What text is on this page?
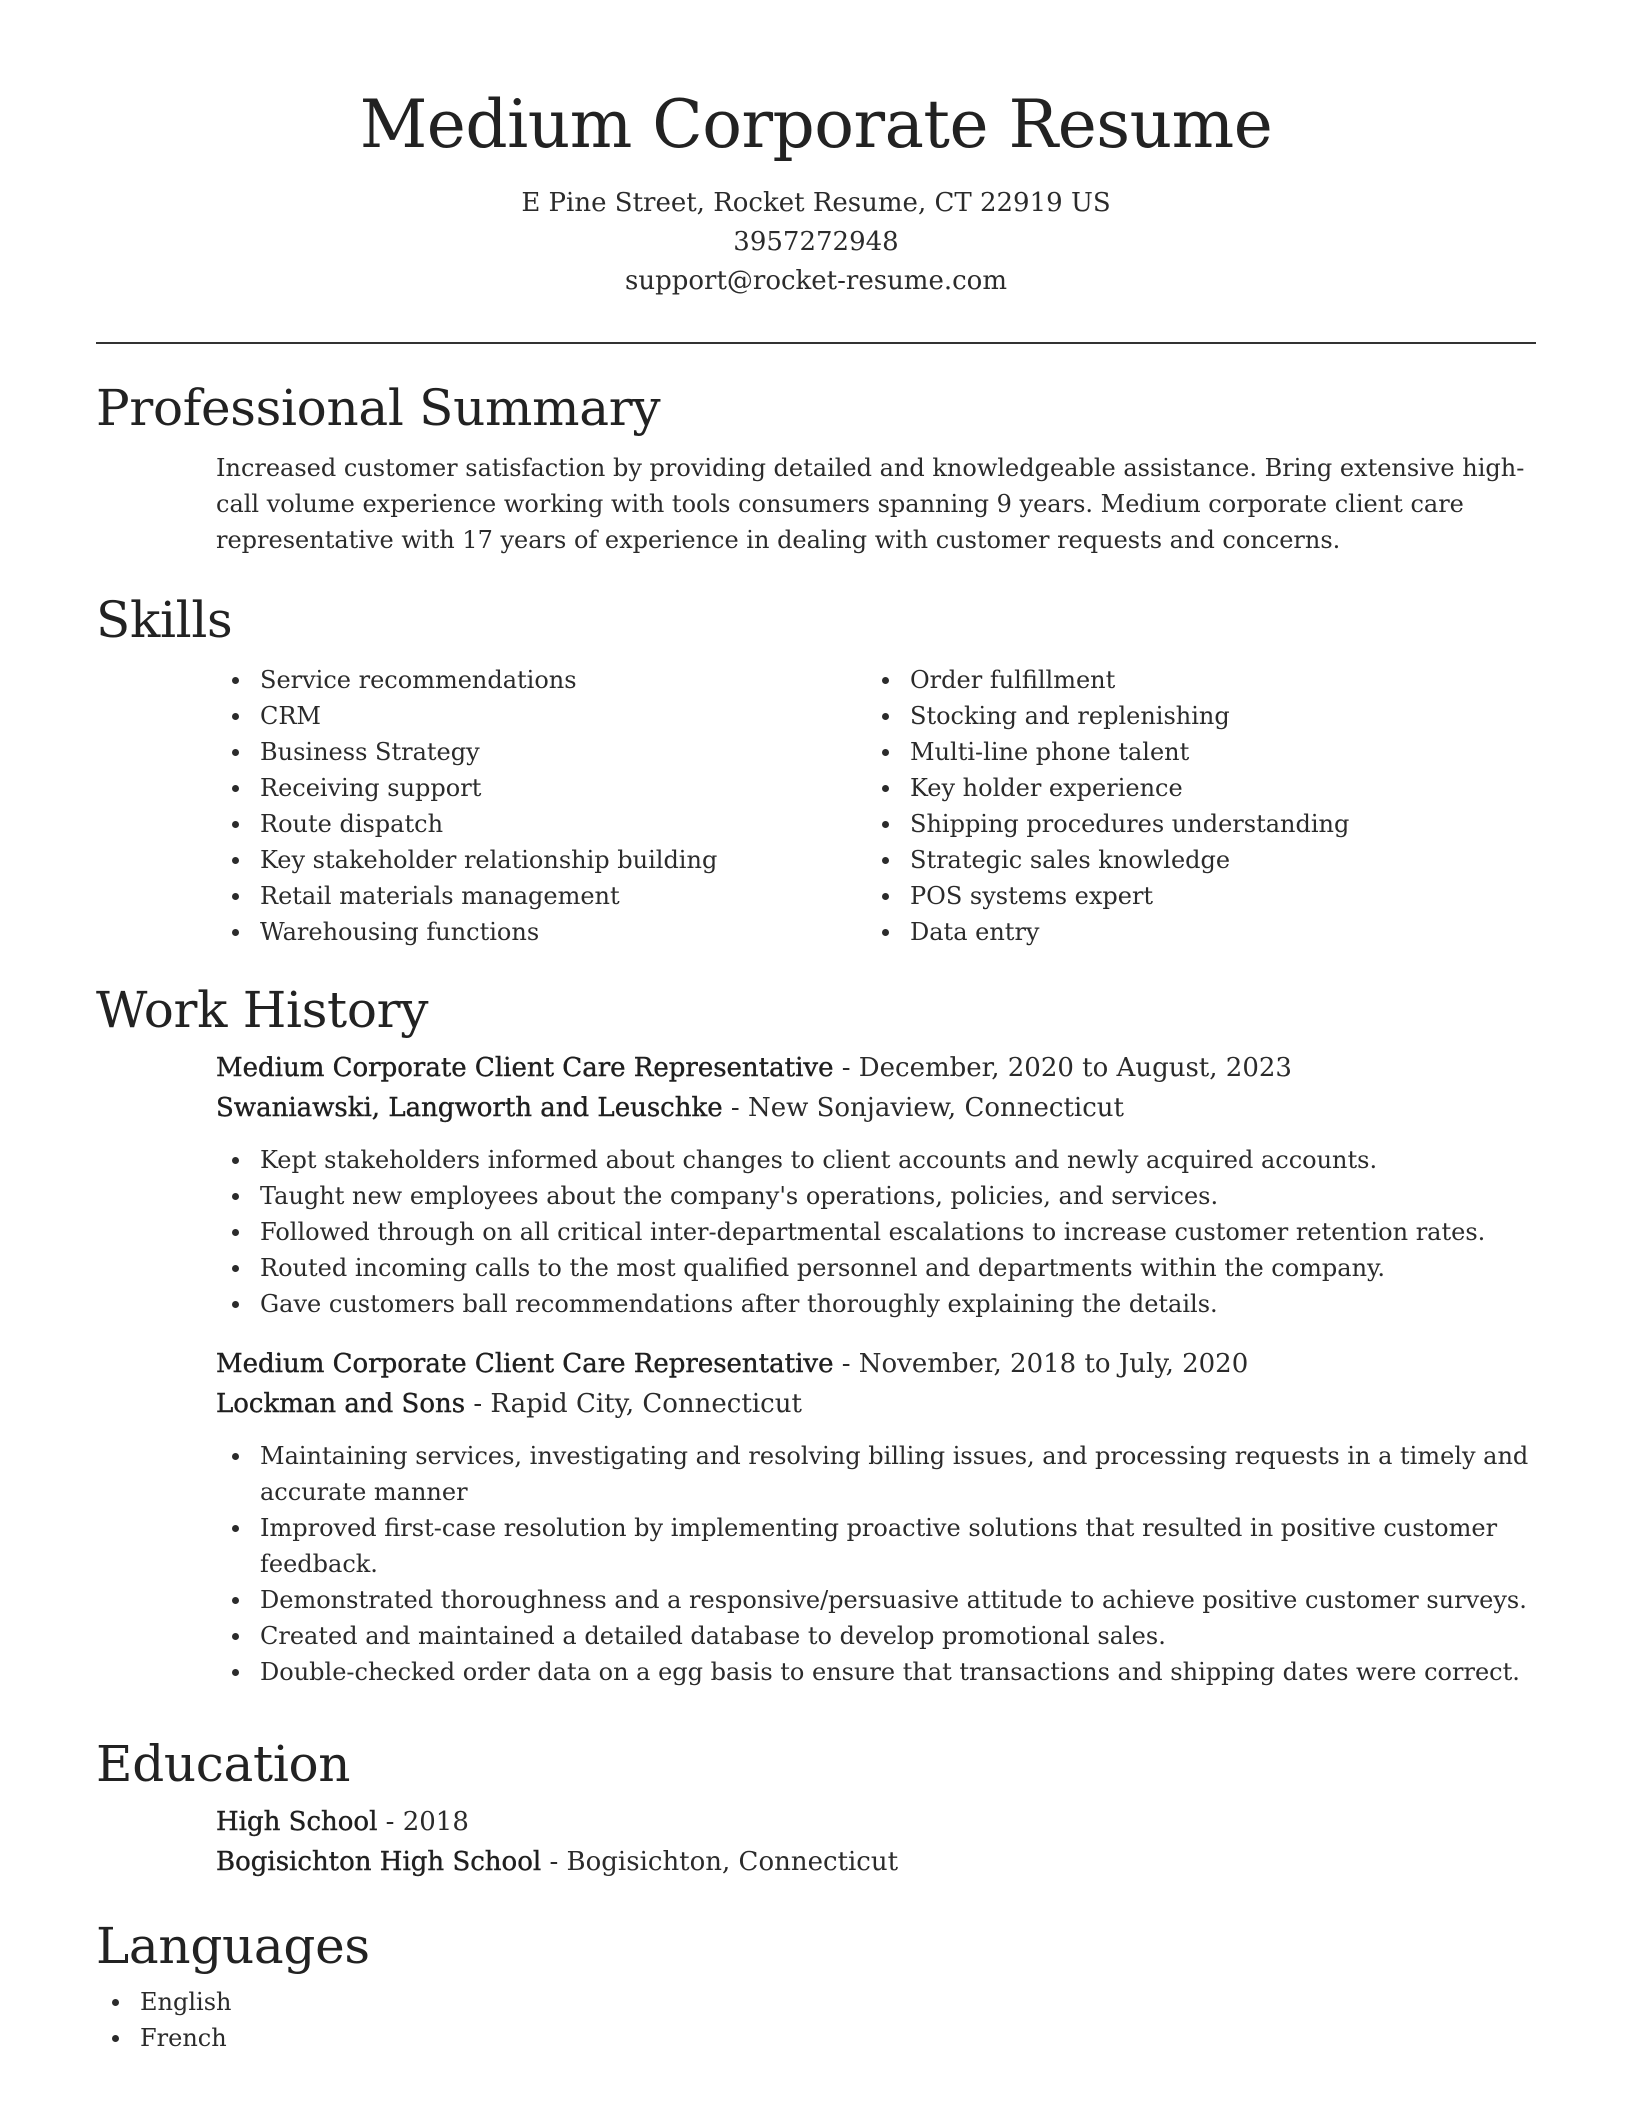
Medium Corporate Resume
E Pine Street, Rocket Resume, CT 22919 US
3957272948
support@rocket-resume.com
Professional Summary
Increased customer satisfaction by providing detailed and knowledgeable assistance. Bring extensive high-call volume experience working with tools consumers spanning 9 years. Medium corporate client care representative with 17 years of experience in dealing with customer requests and concerns.
Skills
Service recommendations
CRM
Business Strategy
Receiving support
Route dispatch
Key stakeholder relationship building
Retail materials management
Warehousing functions
Order fulfillment
Stocking and replenishing
Multi-line phone talent
Key holder experience
Shipping procedures understanding
Strategic sales knowledge
POS systems expert
Data entry
Work History
Medium Corporate Client Care Representative - December, 2020 to August, 2023
Swaniawski, Langworth and Leuschke - New Sonjaview, Connecticut
Kept stakeholders informed about changes to client accounts and newly acquired accounts.
Taught new employees about the company's operations, policies, and services.
Followed through on all critical inter-departmental escalations to increase customer retention rates.
Routed incoming calls to the most qualified personnel and departments within the company.
Gave customers ball recommendations after thoroughly explaining the details.
Medium Corporate Client Care Representative - November, 2018 to July, 2020
Lockman and Sons - Rapid City, Connecticut
Maintaining services, investigating and resolving billing issues, and processing requests in a timely and accurate manner
Improved first-case resolution by implementing proactive solutions that resulted in positive customer feedback.
Demonstrated thoroughness and a responsive/persuasive attitude to achieve positive customer surveys.
Created and maintained a detailed database to develop promotional sales.
Double-checked order data on a egg basis to ensure that transactions and shipping dates were correct.
Education
High School - 2018
Bogisichton High School - Bogisichton, Connecticut
Languages
English
French
